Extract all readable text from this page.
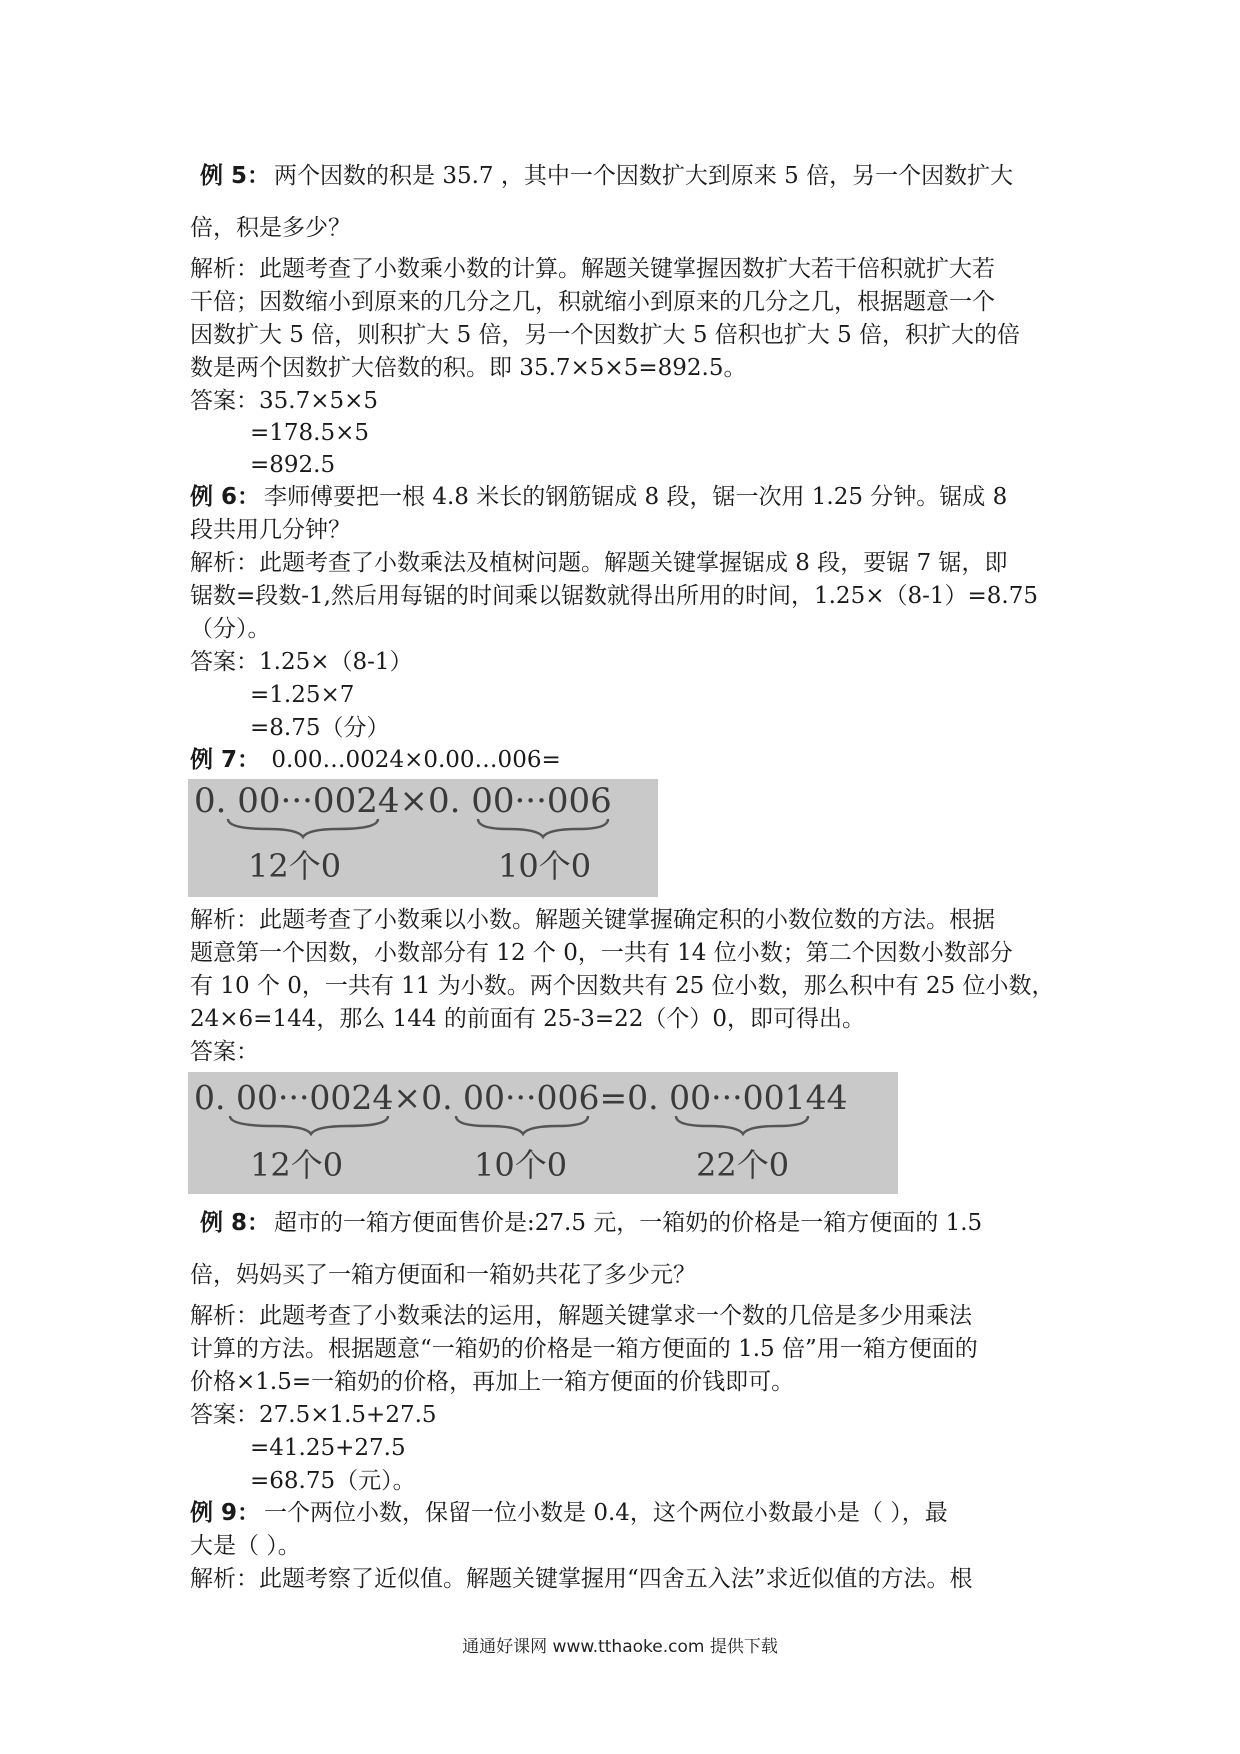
例 5： 两个因数的积是 35.7 ，其中一个因数扩大到原来 5 倍，另一个因数扩大
倍，积是多少？
解析：此题考查了小数乘小数的计算。解题关键掌握因数扩大若干倍积就扩大若
干倍；因数缩小到原来的几分之几，积就缩小到原来的几分之几，根据题意一个
因数扩大 5 倍，则积扩大 5 倍，另一个因数扩大 5 倍积也扩大 5 倍，积扩大的倍
数是两个因数扩大倍数的积。即 35.7×5×5=892.5。
答案：35.7×5×5
=178.5×5
=892.5
例 6： 李师傅要把一根 4.8 米长的钢筋锯成 8 段，锯一次用 1.25 分钟。锯成 8
段共用几分钟？
解析：此题考查了小数乘法及植树问题。解题关键掌握锯成 8 段，要锯 7 锯，即
锯数=段数-1,然后用每锯的时间乘以锯数就得出所用的时间，1.25×（8-1）=8.75
（分）。
答案：1.25×（8-1）
=1.25×7
=8.75（分）
例 7： 0.00…0024×0.00…006=
0. 00···0024×0. 00···006
12个0	10个0
解析：此题考查了小数乘以小数。解题关键掌握确定积的小数位数的方法。根据
题意第一个因数，小数部分有 12 个 0，一共有 14 位小数；第二个因数小数部分
有 10 个 0，一共有 11 为小数。两个因数共有 25 位小数，那么积中有 25 位小数，
24×6=144，那么 144 的前面有 25-3=22（个）0，即可得出。
答案：
0. 00···0024×0. 00···006=0. 00···00144
12个0	10个0	22个0
例 8： 超市的一箱方便面售价是:27.5 元，一箱奶的价格是一箱方便面的 1.5
倍，妈妈买了一箱方便面和一箱奶共花了多少元？
解析：此题考查了小数乘法的运用，解题关键掌求一个数的几倍是多少用乘法
计算的方法。根据题意“一箱奶的价格是一箱方便面的 1.5 倍”用一箱方便面的
价格×1.5=一箱奶的价格，再加上一箱方便面的价钱即可。
答案：27.5×1.5+27.5
=41.25+27.5
=68.75（元）。
例 9： 一个两位小数，保留一位小数是 0.4，这个两位小数最小是（ ），最
大是（ ）。
解析：此题考察了近似值。解题关键掌握用“四舍五入法”求近似值的方法。根
通通好课网 www.tthaoke.com 提供下载
